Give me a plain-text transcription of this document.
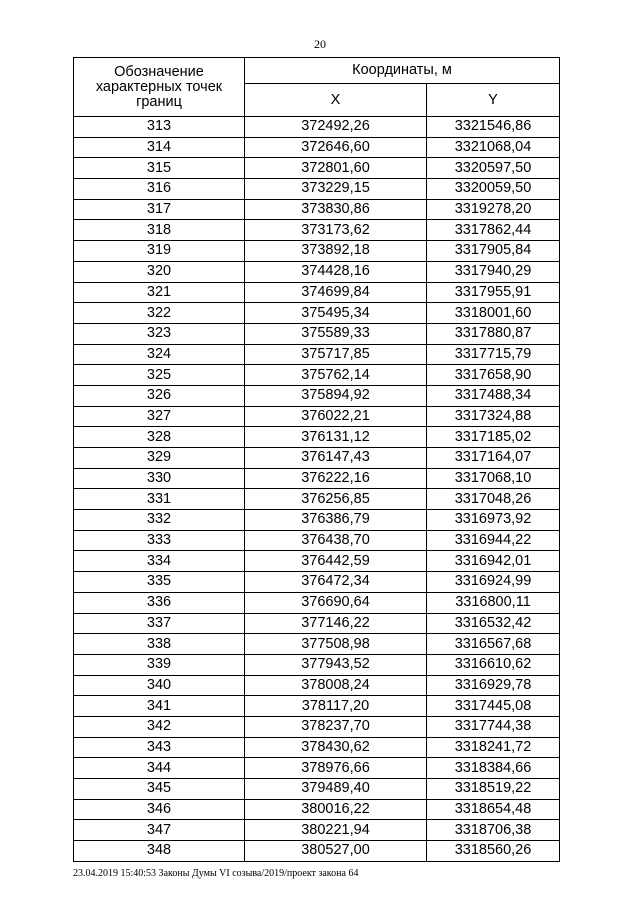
20
Обозначение характерных точек границ	Координаты, м	
	X	Y
313	372492,26	3321546,86
314	372646,60	3321068,04
315	372801,60	3320597,50
316	373229,15	3320059,50
317	373830,86	3319278,20
318	373173,62	3317862,44
319	373892,18	3317905,84
320	374428,16	3317940,29
321	374699,84	3317955,91
322	375495,34	3318001,60
323	375589,33	3317880,87
324	375717,85	3317715,79
325	375762,14	3317658,90
326	375894,92	3317488,34
327	376022,21	3317324,88
328	376131,12	3317185,02
329	376147,43	3317164,07
330	376222,16	3317068,10
331	376256,85	3317048,26
332	376386,79	3316973,92
333	376438,70	3316944,22
334	376442,59	3316942,01
335	376472,34	3316924,99
336	376690,64	3316800,11
337	377146,22	3316532,42
338	377508,98	3316567,68
339	377943,52	3316610,62
340	378008,24	3316929,78
341	378117,20	3317445,08
342	378237,70	3317744,38
343	378430,62	3318241,72
344	378976,66	3318384,66
345	379489,40	3318519,22
346	380016,22	3318654,48
347	380221,94	3318706,38
348	380527,00	3318560,26
23.04.2019 15:40:53 Законы Думы VI созыва/2019/проект закона 64
